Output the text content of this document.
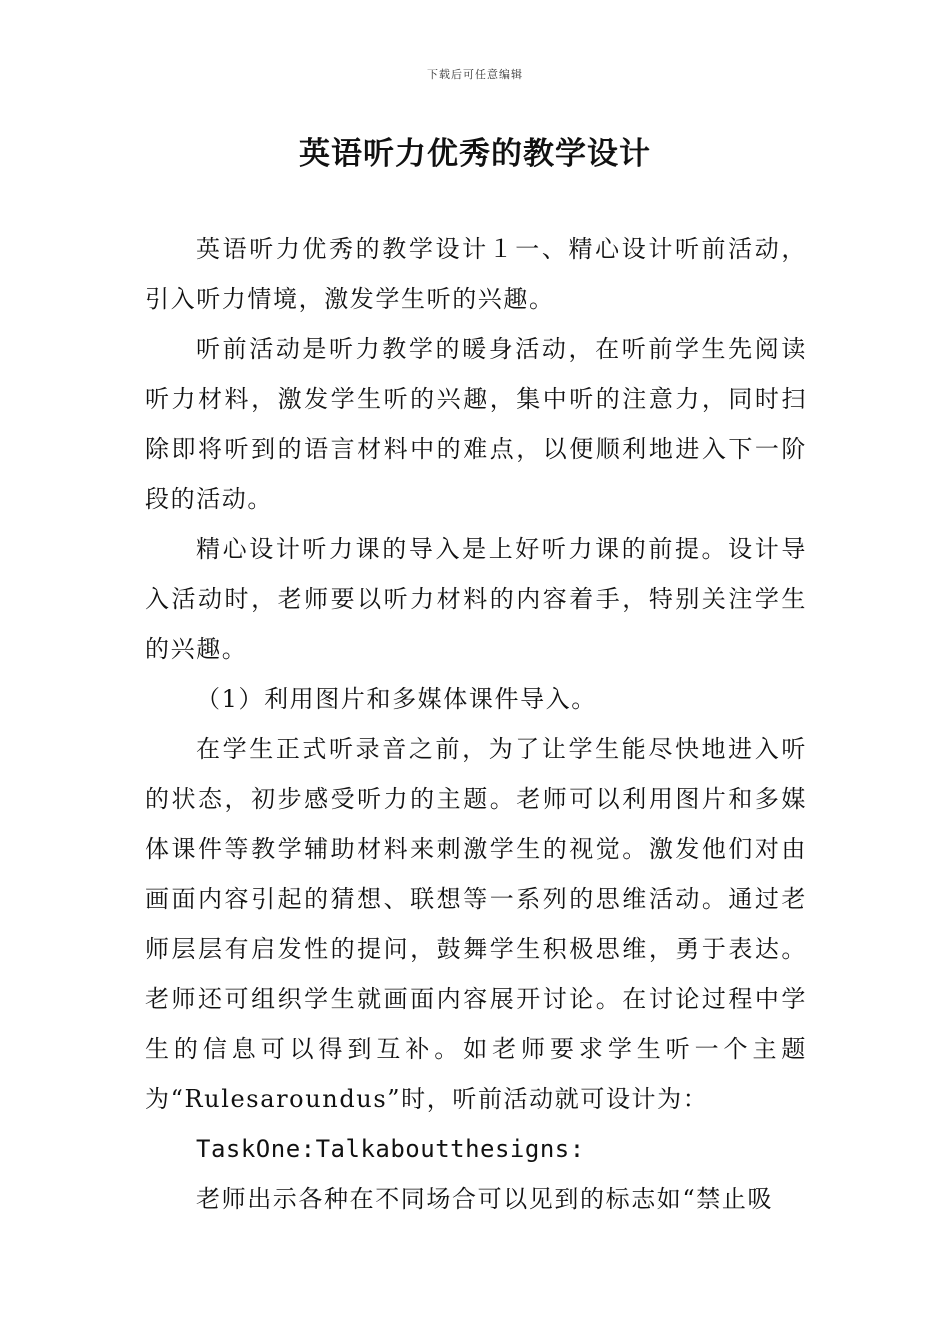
下载后可任意编辑
英语听力优秀的教学设计

英语听力优秀的教学设计１一、精心设计听前活动，引入听力情境，激发学生听的兴趣。

听前活动是听力教学的暖身活动，在听前学生先阅读听力材料，激发学生听的兴趣，集中听的注意力，同时扫除即将听到的语言材料中的难点，以便顺利地进入下一阶段的活动。

精心设计听力课的导入是上好听力课的前提。设计导入活动时，老师要以听力材料的内容着手，特别关注学生的兴趣。

（1）利用图片和多媒体课件导入。

在学生正式听录音之前，为了让学生能尽快地进入听的状态，初步感受听力的主题。老师可以利用图片和多媒体课件等教学辅助材料来刺激学生的视觉。激发他们对由画面内容引起的猜想、联想等一系列的思维活动。通过老师层层有启发性的提问，鼓舞学生积极思维，勇于表达。老师还可组织学生就画面内容展开讨论。在讨论过程中学生的信息可以得到互补。如老师要求学生听一个主题为“Rulesaroundus”时，听前活动就可设计为：

TaskOne:Talkaboutthesigns:

老师出示各种在不同场合可以见到的标志如“禁止吸
